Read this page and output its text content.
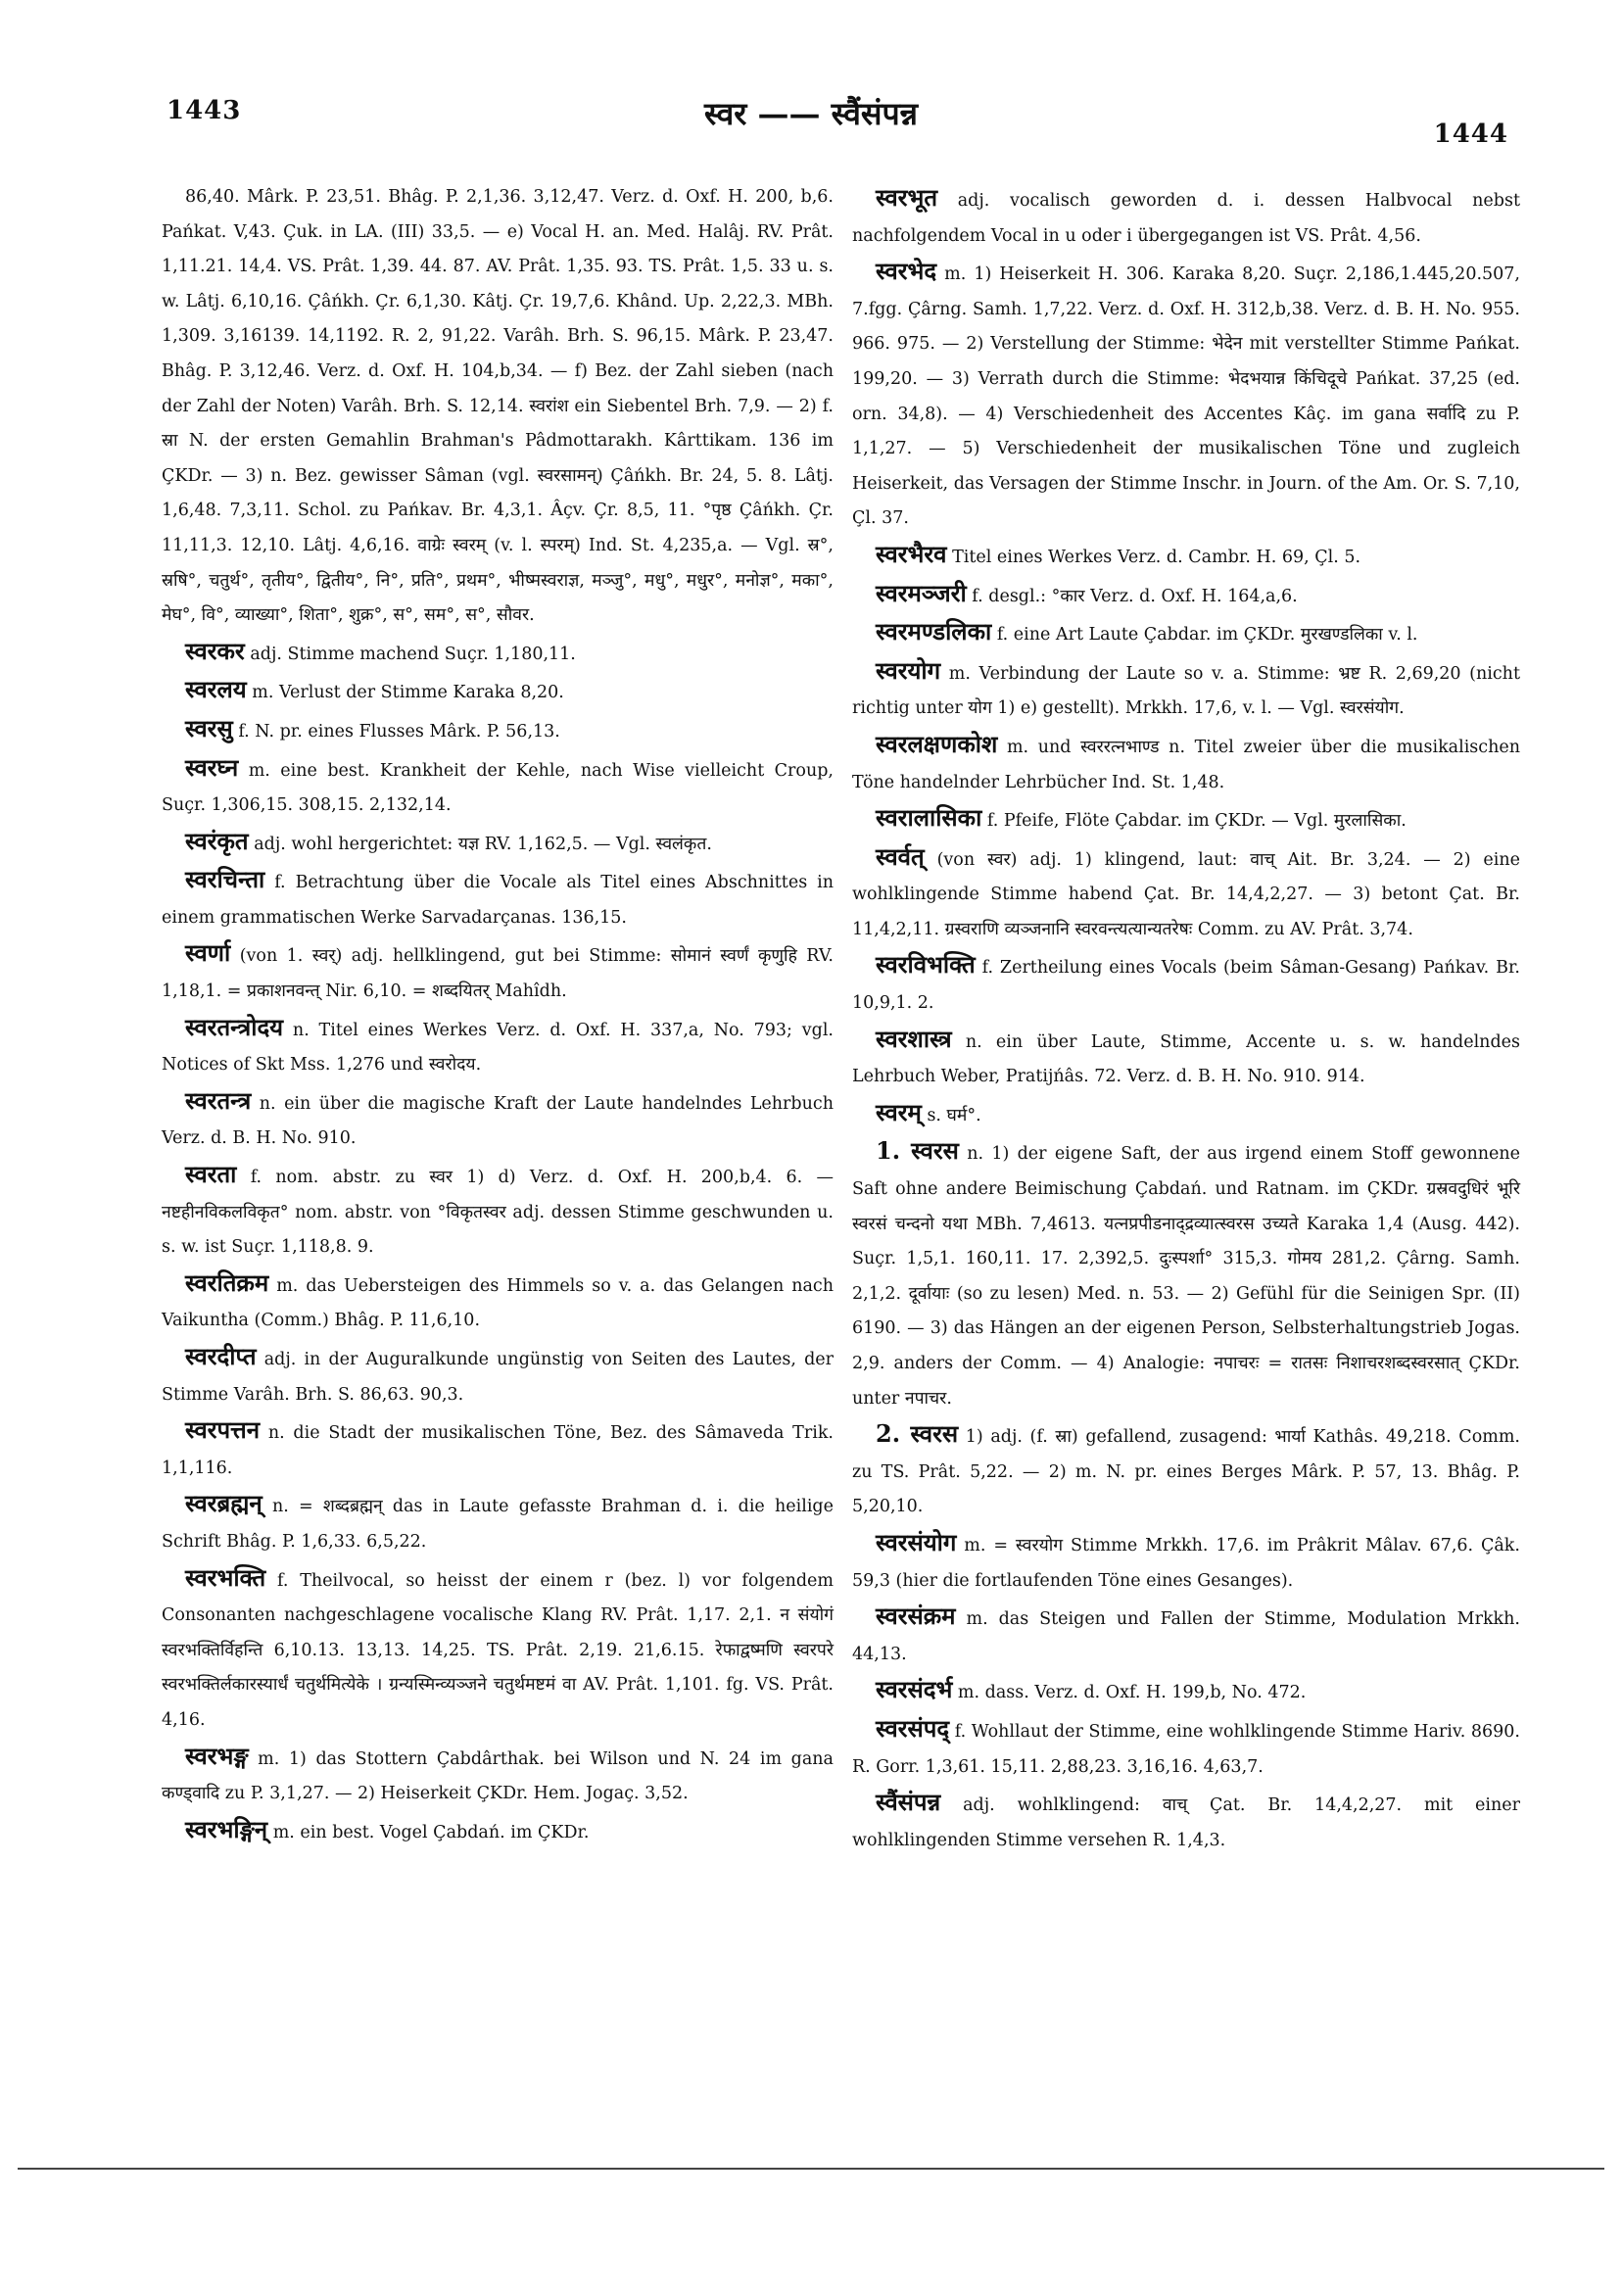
1443	स्वर —— स्वैंसंपन्न
1444

86,40. Mârk. P. 23,51. Bhâg. P. 2,1,36. 3,12,47. Verz. d. Oxf. H. 200, b,6. Pańkat. V,43. Çuk. in LA. (III) 33,5. — e) Vocal H. an. Med. Halâj. RV. Prât. 1,11.21. 14,4. VS. Prât. 1,39. 44. 87. AV. Prât. 1,35. 93. TS. Prât. 1,5. 33 u. s. w. Lâtj. 6,10,16. Çâńkh. Çr. 6,1,30. Kâtj. Çr. 19,7,6. Khând. Up. 2,22,3. MBh. 1,309. 3,16139. 14,1192. R. 2, 91,22. Varâh. Brh. S. 96,15. Mârk. P. 23,47. Bhâg. P. 3,12,46. Verz. d. Oxf. H. 104,b,34. — f) Bez. der Zahl sieben (nach der Zahl der Noten) Varâh. Brh. S. 12,14. स्वरांश ein Siebentel Brh. 7,9. — 2) f. स्रा N. der ersten Gemahlin Brahman's Pâdmottarakh. Kârttikam. 136 im ÇKDr. — 3) n. Bez. gewisser Sâman (vgl. स्वरसामन्) Çâńkh. Br. 24, 5. 8. Lâtj. 1,6,48. 7,3,11. Schol. zu Pańkav. Br. 4,3,1. Âçv. Çr. 8,5, 11. °पृष्ठ Çâńkh. Çr. 11,11,3. 12,10. Lâtj. 4,6,16. वाग्रेः स्वरम् (v. l. स्परम्) Ind. St. 4,235,a. — Vgl. स्र°, स्रषि°, चतुर्थ°, तृतीय°, द्वितीय°, नि°, प्रति°, प्रथम°, भीष्मस्वराज्ञ, मञ्जु°, मधु°, मधुर°, मनोज्ञ°, मका°, मेघ°, वि°, व्याख्या°, शिता°, शुक्र°, स°, सम°, स°, सौवर.

स्वरकर adj. Stimme machend Suçr. 1,180,11.

स्वरलय m. Verlust der Stimme Karaka 8,20.

स्वरसु f. N. pr. eines Flusses Mârk. P. 56,13.

स्वरघ्न m. eine best. Krankheit der Kehle, nach Wise vielleicht Croup, Suçr. 1,306,15. 308,15. 2,132,14.

स्वरंकृत adj. wohl hergerichtet: यज्ञ RV. 1,162,5. — Vgl. स्वलंकृत.

स्वरचिन्ता f. Betrachtung über die Vocale als Titel eines Abschnittes in einem grammatischen Werke Sarvadarçanas. 136,15.

स्वर्णा (von 1. स्वर्) adj. hellklingend, gut bei Stimme: सोमानं स्वर्णं कृणुहि RV. 1,18,1. = प्रकाशनवन्त् Nir. 6,10. = शब्दयितर् Mahîdh.

स्वरतन्त्रोदय n. Titel eines Werkes Verz. d. Oxf. H. 337,a, No. 793; vgl. Notices of Skt Mss. 1,276 und स्वरोदय.

स्वरतन्त्र n. ein über die magische Kraft der Laute handelndes Lehrbuch Verz. d. B. H. No. 910.

स्वरता f. nom. abstr. zu स्वर 1) d) Verz. d. Oxf. H. 200,b,4. 6. — नष्टहीनविकलविकृत° nom. abstr. von °विकृतस्वर adj. dessen Stimme geschwunden u. s. w. ist Suçr. 1,118,8. 9.

स्वरतिक्रम m. das Uebersteigen des Himmels so v. a. das Gelangen nach Vaikuntha (Comm.) Bhâg. P. 11,6,10.

स्वरदीप्त adj. in der Auguralkunde ungünstig von Seiten des Lautes, der Stimme Varâh. Brh. S. 86,63. 90,3.

स्वरपत्तन n. die Stadt der musikalischen Töne, Bez. des Sâmaveda Trik. 1,1,116.

स्वरब्रह्मन् n. = शब्दब्रह्मन् das in Laute gefasste Brahman d. i. die heilige Schrift Bhâg. P. 1,6,33. 6,5,22.

स्वरभक्ति f. Theilvocal, so heisst der einem r (bez. l) vor folgendem Consonanten nachgeschlagene vocalische Klang RV. Prât. 1,17. 2,1. न संयोगं स्वरभक्तिर्विहन्ति 6,10.13. 13,13. 14,25. TS. Prât. 2,19. 21,6.15. रेफाद्वष्मणि स्वरपरे स्वरभक्तिर्लकारस्यार्धं चतुर्थमित्येके । ग्रन्यस्मिन्व्यञ्जने चतुर्थमष्टमं वा AV. Prât. 1,101. fg. VS. Prât. 4,16.

स्वरभङ्ग m. 1) das Stottern Çabdârthak. bei Wilson und N. 24 im gana कण्ड्वादि zu P. 3,1,27. — 2) Heiserkeit ÇKDr. Hem. Jogaç. 3,52.

स्वरभङ्गिन् m. ein best. Vogel Çabdań. im ÇKDr.

स्वरभूत adj. vocalisch geworden d. i. dessen Halbvocal nebst nachfolgendem Vocal in u oder i übergegangen ist VS. Prât. 4,56.

स्वरभेद m. 1) Heiserkeit H. 306. Karaka 8,20. Suçr. 2,186,1.445,20.507, 7.fgg. Çârng. Samh. 1,7,22. Verz. d. Oxf. H. 312,b,38. Verz. d. B. H. No. 955. 966. 975. — 2) Verstellung der Stimme: भेदेन mit verstellter Stimme Pańkat. 199,20. — 3) Verrath durch die Stimme: भेदभयान्न किंचिदूचे Pańkat. 37,25 (ed. orn. 34,8). — 4) Verschiedenheit des Accentes Kâç. im gana सर्वादि zu P. 1,1,27. — 5) Verschiedenheit der musikalischen Töne und zugleich Heiserkeit, das Versagen der Stimme Inschr. in Journ. of the Am. Or. S. 7,10, Çl. 37.

स्वरभैरव Titel eines Werkes Verz. d. Cambr. H. 69, Çl. 5.

स्वरमञ्जरी f. desgl.: °कार Verz. d. Oxf. H. 164,a,6.

स्वरमण्डलिका f. eine Art Laute Çabdar. im ÇKDr. मुरखण्डलिका v. l.

स्वरयोग m. Verbindung der Laute so v. a. Stimme: भ्रष्ट R. 2,69,20 (nicht richtig unter योग 1) e) gestellt). Mrkkh. 17,6, v. l. — Vgl. स्वरसंयोग.

स्वरलक्षणकोश m. und स्वररत्नभाण्ड n. Titel zweier über die musikalischen Töne handelnder Lehrbücher Ind. St. 1,48.

स्वरालासिका f. Pfeife, Flöte Çabdar. im ÇKDr. — Vgl. मुरलासिका.

स्वर्वत् (von स्वर) adj. 1) klingend, laut: वाच् Ait. Br. 3,24. — 2) eine wohlklingende Stimme habend Çat. Br. 14,4,2,27. — 3) betont Çat. Br. 11,4,2,11. ग्रस्वराणि व्यञ्जनानि स्वरवन्त्यत्यान्यतरेषः Comm. zu AV. Prât. 3,74.

स्वरविभक्ति f. Zertheilung eines Vocals (beim Sâman-Gesang) Pańkav. Br. 10,9,1. 2.

स्वरशास्त्र n. ein über Laute, Stimme, Accente u. s. w. handelndes Lehrbuch Weber, Pratijńâs. 72. Verz. d. B. H. No. 910. 914.

स्वरम् s. घर्म°.

1. स्वरस n. 1) der eigene Saft, der aus irgend einem Stoff gewonnene Saft ohne andere Beimischung Çabdań. und Ratnam. im ÇKDr. ग्रस्रवदुधिरं भूरि स्वरसं चन्दनो यथा MBh. 7,4613. यत्नप्रपीडनाद्द्रव्यात्स्वरस उच्यते Karaka 1,4 (Ausg. 442). Suçr. 1,5,1. 160,11. 17. 2,392,5. दुःस्पर्शा° 315,3. गोमय 281,2. Çârng. Samh. 2,1,2. दूर्वायाः (so zu lesen) Med. n. 53. — 2) Gefühl für die Seinigen Spr. (II) 6190. — 3) das Hängen an der eigenen Person, Selbsterhaltungstrieb Jogas. 2,9. anders der Comm. — 4) Analogie: नपाचरः = रातसः निशाचरशब्दस्वरसात् ÇKDr. unter नपाचर.

2. स्वरस 1) adj. (f. स्रा) gefallend, zusagend: भार्या Kathâs. 49,218. Comm. zu TS. Prât. 5,22. — 2) m. N. pr. eines Berges Mârk. P. 57, 13. Bhâg. P. 5,20,10.

स्वरसंयोग m. = स्वरयोग Stimme Mrkkh. 17,6. im Prâkrit Mâlav. 67,6. Çâk. 59,3 (hier die fortlaufenden Töne eines Gesanges).

स्वरसंक्रम m. das Steigen und Fallen der Stimme, Modulation Mrkkh. 44,13.

स्वरसंदर्भ m. dass. Verz. d. Oxf. H. 199,b, No. 472.

स्वरसंपद् f. Wohllaut der Stimme, eine wohlklingende Stimme Hariv. 8690. R. Gorr. 1,3,61. 15,11. 2,88,23. 3,16,16. 4,63,7.

स्वैंसंपन्न adj. wohlklingend: वाच् Çat. Br. 14,4,2,27. mit einer wohlklingenden Stimme versehen R. 1,4,3.
